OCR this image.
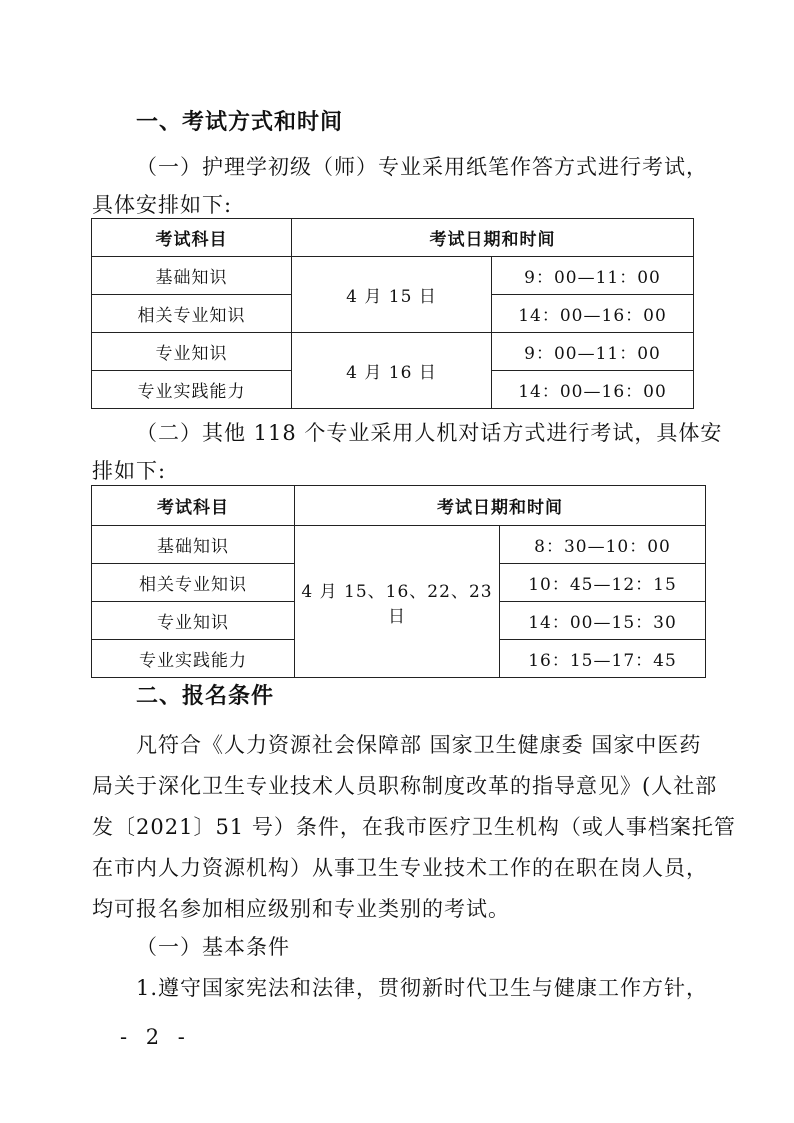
一、考试方式和时间
（一）护理学初级（师）专业采用纸笔作答方式进行考试，
具体安排如下:
考试科目	考试日期和时间	
基础知识	4 月 15 日	9：00—11：00
相关专业知识		14：00—16：00
专业知识	4 月 16 日	9：00—11：00
专业实践能力		14：00—16：00
（二）其他 118 个专业采用人机对话方式进行考试，具体安
排如下:
考试科目	考试日期和时间	
基础知识	4 月 15、16、22、23 日	8：30—10：00
相关专业知识		10：45—12：15
专业知识		14：00—15：30
专业实践能力		16：15—17：45
二、报名条件
凡符合《人力资源社会保障部 国家卫生健康委 国家中医药
局关于深化卫生专业技术人员职称制度改革的指导意见》(人社部
发〔2021〕51 号）条件，在我市医疗卫生机构（或人事档案托管
在市内人力资源机构）从事卫生专业技术工作的在职在岗人员，
均可报名参加相应级别和专业类别的考试。
（一）基本条件
1.遵守国家宪法和法律，贯彻新时代卫生与健康工作方针，
- 2 -
